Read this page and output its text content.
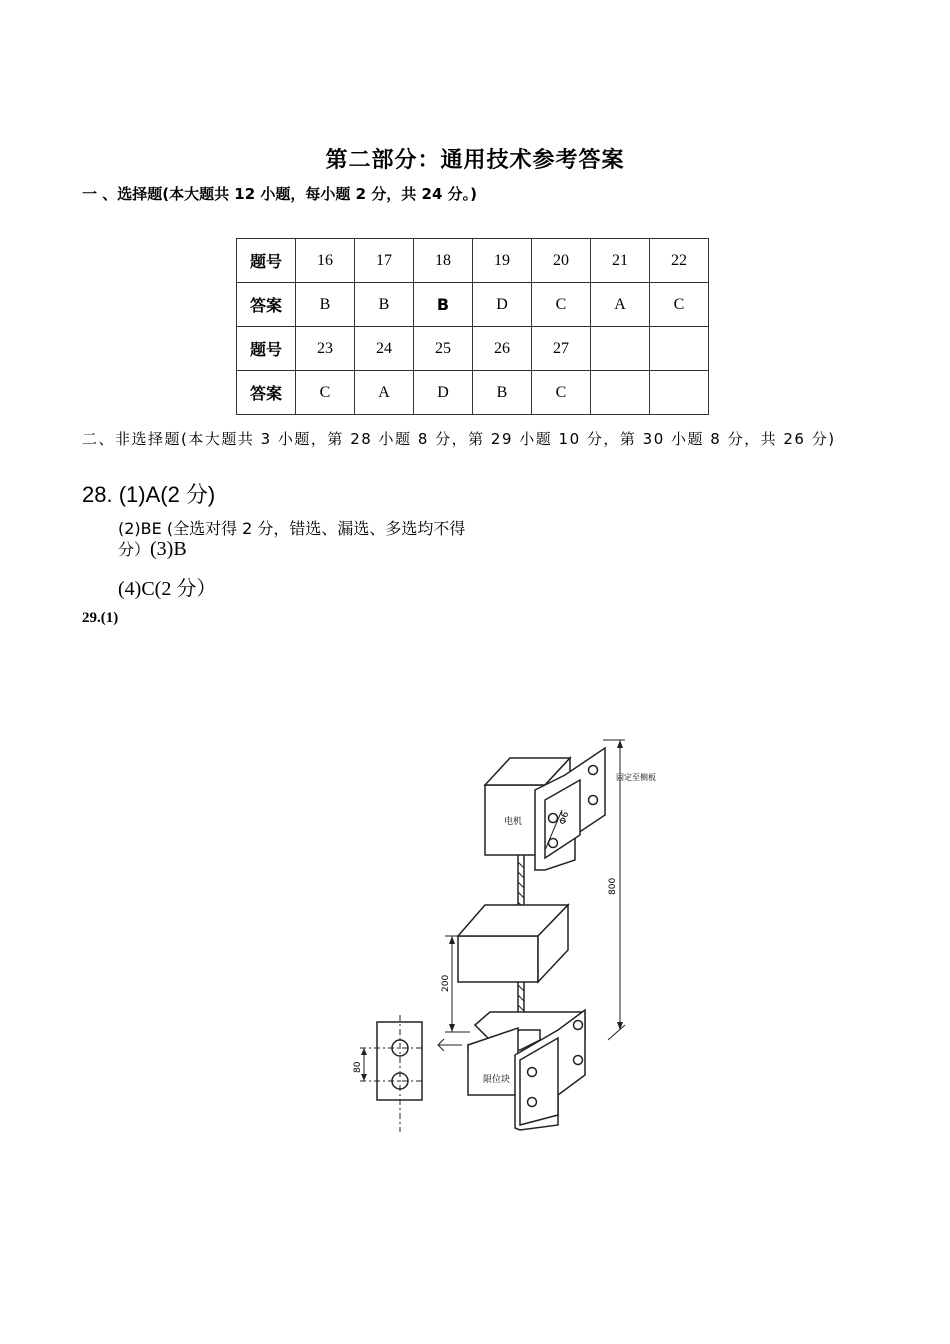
第二部分：通用技术参考答案
一 、选择题(本大题共 12 小题，每小题 2 分，共 24 分。)
题号	16	17	18	19	20	21	22
答案	B	B	B	D	C	A	C
题号	23	24	25	26	27		
答案	C	A	D	B	C		
二、非选择题(本大题共 3 小题，第 28 小题 8 分，第 29 小题 10 分，第 30 小题 8 分，共 26 分)
28. (1)A(2 分)
(2)BE (全选对得 2 分，错选、漏选、多选均不得
分）(3)B
(4)C(2 分）
29.(1)
电机
固定至侧板
限位块
800
200
80
Φ6
